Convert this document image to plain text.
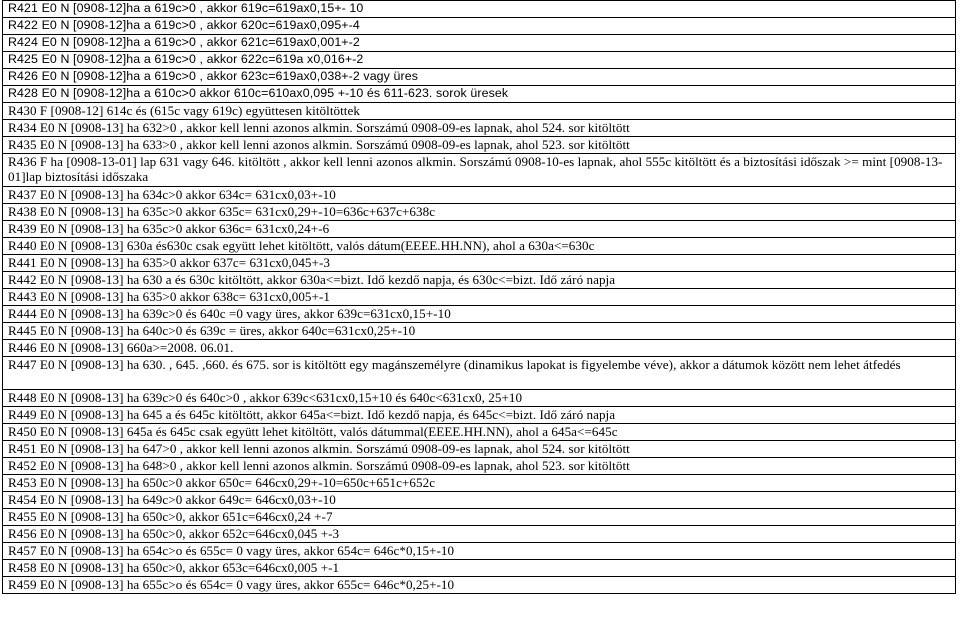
R421 E0 N [0908-12]ha a 619c>0 , akkor 619c=619ax0,15+- 10
R422 E0 N [0908-12]ha a 619c>0 , akkor 620c=619ax0,095+-4
R424 E0 N [0908-12]ha a 619c>0 , akkor 621c=619ax0,001+-2
R425 E0 N [0908-12]ha a 619c>0 , akkor 622c=619a x0,016+-2
R426 E0 N [0908-12]ha a 619c>0 , akkor 623c=619ax0,038+-2 vagy üres
R428 E0 N [0908-12]ha a 610c>0 akkor 610c=610ax0,095 +-10 és 611-623. sorok üresek
R430 F [0908-12] 614c és (615c vagy 619c) együttesen kitöltöttek
R434 E0 N [0908-13] ha 632>0 , akkor kell lenni azonos alkmin. Sorszámú 0908-09-es lapnak, ahol 524. sor kitöltött
R435 E0 N [0908-13] ha 633>0 , akkor kell lenni azonos alkmin. Sorszámú 0908-09-es lapnak, ahol 523. sor kitöltött
R436 F ha [0908-13-01] lap 631 vagy 646. kitöltött , akkor kell lenni azonos alkmin. Sorszámú 0908-10-es lapnak, ahol 555c kitöltött és a biztosítási időszak >= mint [0908-13-01]lap biztosítási időszaka
R437 E0 N [0908-13] ha 634c>0 akkor 634c= 631cx0,03+-10
R438 E0 N [0908-13] ha 635c>0 akkor 635c= 631cx0,29+-10=636c+637c+638c
R439 E0 N [0908-13] ha 635c>0 akkor 636c= 631cx0,24+-6
R440 E0 N [0908-13] 630a és630c csak együtt lehet kitöltött, valós dátum(EEEE.HH.NN), ahol a 630a<=630c
R441 E0 N [0908-13] ha 635>0 akkor 637c= 631cx0,045+-3
R442 E0 N [0908-13] ha 630 a és 630c kitöltött, akkor 630a<=bizt. Idő kezdő napja, és 630c<=bizt. Idő záró napja
R443 E0 N [0908-13] ha 635>0 akkor 638c= 631cx0,005+-1
R444 E0 N [0908-13] ha 639c>0 és 640c =0 vagy üres, akkor 639c=631cx0,15+-10
R445 E0 N [0908-13] ha 640c>0 és 639c = üres, akkor 640c=631cx0,25+-10
R446 E0 N [0908-13] 660a>=2008. 06.01.
R447 E0 N [0908-13] ha 630. , 645. ,660. és 675. sor is kitöltött egy magánszemélyre (dinamikus lapokat is figyelembe véve), akkor a dátumok között nem lehet átfedés
R448 E0 N [0908-13] ha 639c>0 és 640c>0 , akkor 639c<631cx0,15+10 és 640c<631cx0, 25+10
R449 E0 N [0908-13] ha 645 a és 645c kitöltött, akkor 645a<=bizt. Idő kezdő napja, és 645c<=bizt. Idő záró napja
R450 E0 N [0908-13] 645a és 645c csak együtt lehet kitöltött, valós dátummal(EEEE.HH.NN), ahol a 645a<=645c
R451 E0 N [0908-13] ha 647>0 , akkor kell lenni azonos alkmin. Sorszámú 0908-09-es lapnak, ahol 524. sor kitöltött
R452 E0 N [0908-13] ha 648>0 , akkor kell lenni azonos alkmin. Sorszámú 0908-09-es lapnak, ahol 523. sor kitöltött
R453 E0 N [0908-13] ha 650c>0 akkor 650c= 646cx0,29+-10=650c+651c+652c
R454 E0 N [0908-13] ha 649c>0 akkor 649c= 646cx0,03+-10
R455 E0 N [0908-13] ha 650c>0, akkor 651c=646cx0,24 +-7
R456 E0 N [0908-13] ha 650c>0, akkor 652c=646cx0,045 +-3
R457 E0 N [0908-13] ha 654c>o és 655c= 0 vagy üres, akkor 654c= 646c*0,15+-10
R458 E0 N [0908-13] ha 650c>0, akkor 653c=646cx0,005 +-1
R459 E0 N [0908-13] ha 655c>o és 654c= 0 vagy üres, akkor 655c= 646c*0,25+-10
